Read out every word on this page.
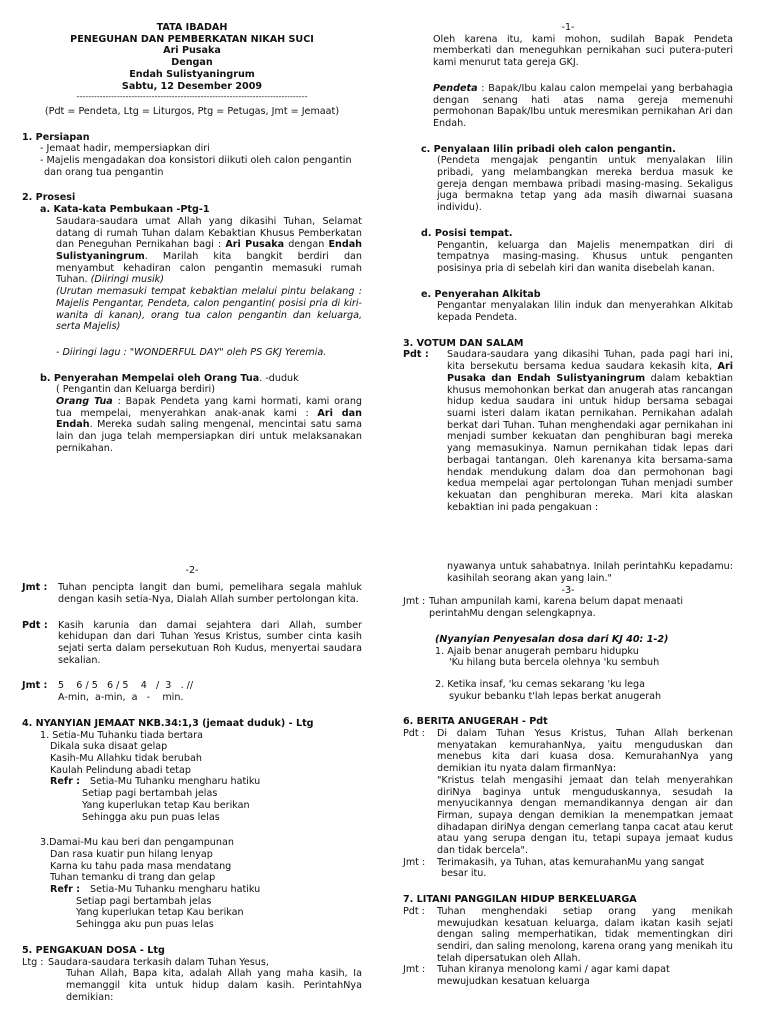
TATA IBADAH
PENEGUHAN DAN PEMBERKATAN NIKAH SUCI
Ari Pusaka
Dengan
Endah Sulistyaningrum
Sabtu, 12 Desember 2009
--------------------------------------------------------------------------------
(Pdt = Pendeta, Ltg = Liturgos, Ptg = Petugas, Jmt = Jemaat)
1. Persiapan
- Jemaat hadir, mempersiapkan diri
- Majelis mengadakan doa konsistori diikuti oleh calon pengantin
dan orang tua pengantin
2. Prosesi
a. Kata-kata Pembukaan -Ptg-1

Saudara-saudara umat Allah yang dikasihi Tuhan, Selamat datang di rumah Tuhan dalam Kebaktian Khusus Pemberkatan dan Peneguhan Pernikahan bagi : Ari Pusaka dengan Endah Sulistyaningrum. Marilah kita bangkit berdiri dan menyambut kehadiran calon pengantin memasuki rumah Tuhan. (Diiringi musik)

(Urutan memasuki tempat kebaktian melalui pintu belakang : Majelis Pengantar, Pendeta, calon pengantin( posisi pria di kiri-wanita di kanan), orang tua calon pengantin dan keluarga, serta Majelis)

- Diiringi lagu : "WONDERFUL DAY" oleh PS GKJ Yeremia.

b. Penyerahan Mempelai oleh Orang Tua. -duduk
( Pengantin dan Keluarga berdiri)

Orang Tua : Bapak Pendeta yang kami hormati, kami orang tua mempelai, menyerahkan anak-anak kami : Ari dan Endah. Mereka sudah saling mengenal, mencintai satu sama lain dan juga telah mempersiapkan diri untuk melaksanakan pernikahan.

-2-
Jmt :	Tuhan pencipta langit dan bumi, pemelihara segala mahluk dengan kasih setia-Nya, Dialah Allah sumber pertolongan kita.
Pdt :	Kasih karunia dan damai sejahtera dari Allah, sumber kehidupan dan dari Tuhan Yesus Kristus, sumber cinta kasih sejati serta dalam persekutuan Roh Kudus, menyertai saudara sekalian.
Jmt :	5    6 / 5   6 / 5    4   /  3   . //
A-min,  a-min,  a   -    min.
4. NYANYIAN JEMAAT NKB.34:1,3 (jemaat duduk) - Ltg
1. Setia-Mu Tuhanku tiada bertara
Dikala suka disaat gelap
Kasih-Mu Allahku tidak berubah
Kaulah Pelindung abadi tetap
Refr :	Setia-Mu Tuhanku mengharu hatiku
Setiap pagi bertambah jelas
Yang kuperlukan tetap Kau berikan
Sehingga aku pun puas lelas
3.Damai-Mu kau beri dan pengampunan
Dan rasa kuatir pun hilang lenyap
Karna ku tahu pada masa mendatang
Tuhan temanku di trang dan gelap
Refr :	Setia-Mu Tuhanku mengharu hatiku
Setiap pagi bertambah jelas
Yang kuperlukan tetap Kau berikan
Sehingga aku pun puas lelas
5. PENGAKUAN DOSA - Ltg
Ltg : Saudara-saudara terkasih dalam Tuhan Yesus,

Tuhan Allah, Bapa kita, adalah Allah yang maha kasih, Ia memanggil kita untuk hidup dalam kasih. PerintahNya demikian:

-1-

Oleh karena itu, kami mohon, sudilah Bapak Pendeta memberkati dan meneguhkan pernikahan suci putera-puteri kami menurut tata gereja GKJ.

Pendeta : Bapak/Ibu kalau calon mempelai yang berbahagia dengan senang hati atas nama gereja memenuhi permohonan Bapak/Ibu untuk meresmikan pernikahan Ari dan Endah.

c. Penyalaan lilin pribadi oleh calon pengantin.

(Pendeta mengajak pengantin untuk menyalakan lilin pribadi, yang melambangkan mereka berdua masuk ke gereja dengan membawa pribadi masing-masing. Sekaligus juga bermakna tetap yang ada masih diwarnai suasana individu).

d. Posisi tempat.

Pengantin, keluarga dan Majelis menempatkan diri di tempatnya masing-masing. Khusus untuk penganten posisinya pria di sebelah kiri dan wanita disebelah kanan.

e. Penyerahan Alkitab

Pengantar menyalakan lilin induk dan menyerahkan Alkitab kepada Pendeta.

3. VOTUM DAN SALAM
Pdt :	Saudara-saudara yang dikasihi Tuhan, pada pagi hari ini, kita bersekutu bersama kedua saudara kekasih kita, Ari Pusaka dan Endah Sulistyaningrum dalam kebaktian khusus memohonkan berkat dan anugerah atas rancangan hidup kedua saudara ini untuk hidup bersama sebagai suami isteri dalam ikatan pernikahan. Pernikahan adalah berkat dari Tuhan. Tuhan menghendaki agar pernikahan ini menjadi sumber kekuatan dan penghiburan bagi mereka yang memasukinya. Namun pernikahan tidak lepas dari berbagai tantangan. 0leh karenanya kita bersama-sama hendak mendukung dalam doa dan permohonan bagi kedua mempelai agar pertolongan Tuhan menjadi sumber kekuatan dan penghiburan mereka. Mari kita alaskan kebaktian ini pada pengakuan :

nyawanya untuk sahabatnya. Inilah perintahKu kepadamu: kasihilah seorang akan yang lain."

-3-
Jmt : Tuhan ampunilah kami, karena belum dapat menaati perintahMu dengan selengkapnya.
(Nyanyian Penyesalan dosa dari KJ 40: 1-2)
1. Ajaib benar anugerah pembaru hidupku
'Ku hilang buta bercela olehnya 'ku sembuh
2. Ketika insaf, 'ku cemas sekarang 'ku lega
syukur bebanku t'lah lepas berkat anugerah
6. BERITA ANUGERAH - Pdt
Pdt :	Di dalam Tuhan Yesus Kristus, Tuhan Allah berkenan menyatakan kemurahanNya, yaitu menguduskan dan menebus kita dari kuasa dosa. KemurahanNya yang demikian itu nyata dalam firmanNya:

"Kristus telah mengasihi jemaat dan telah menyerahkan diriNya baginya untuk menguduskannya, sesudah Ia menyucikannya dengan memandikannya dengan air dan Firman, supaya dengan demikian Ia menempatkan jemaat dihadapan diriNya dengan cemerlang tanpa cacat atau kerut atau yang serupa dengan itu, tetapi supaya jemaat kudus dan tidak bercela".

Jmt :	Terimakasih, ya Tuhan, atas kemurahanMu yang sangat
besar itu.
7. LITANI PANGGILAN HIDUP BERKELUARGA
Pdt :	Tuhan menghendaki setiap orang yang menikah mewujudkan kesatuan keluarga, dalam ikatan kasih sejati dengan saling memperhatikan, tidak mementingkan diri sendiri, dan saling menolong, karena orang yang menikah itu telah dipersatukan oleh Allah.

Jmt :	Tuhan kiranya menolong kami / agar kami dapat mewujudkan kesatuan keluarga
